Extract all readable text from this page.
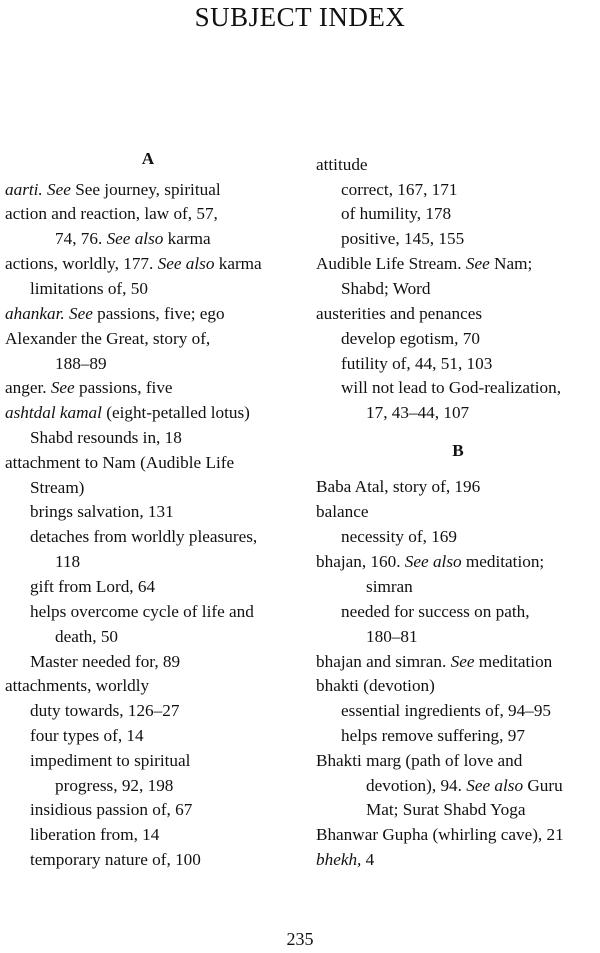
SUBJECT INDEX
A
aarti. See See journey, spiritual
action and reaction, law of, 57,
74, 76. See also karma
actions, worldly, 177. See also karma
limitations of, 50
ahankar. See passions, five; ego
Alexander the Great, story of,
188–89
anger. See passions, five
ashtdal kamal (eight-petalled lotus)
Shabd resounds in, 18
attachment to Nam (Audible Life
Stream)
brings salvation, 131
detaches from worldly pleasures,
118
gift from Lord, 64
helps overcome cycle of life and
death, 50
Master needed for, 89
attachments, worldly
duty towards, 126–27
four types of, 14
impediment to spiritual
progress, 92, 198
insidious passion of, 67
liberation from, 14
temporary nature of, 100
attitude
correct, 167, 171
of humility, 178
positive, 145, 155
Audible Life Stream. See Nam;
Shabd; Word
austerities and penances
develop egotism, 70
futility of, 44, 51, 103
will not lead to God-realization,
17, 43–44, 107
B
Baba Atal, story of, 196
balance
necessity of, 169
bhajan, 160. See also meditation;
simran
needed for success on path,
180–81
bhajan and simran. See meditation
bhakti (devotion)
essential ingredients of, 94–95
helps remove suffering, 97
Bhakti marg (path of love and
devotion), 94. See also Guru
Mat; Surat Shabd Yoga
Bhanwar Gupha (whirling cave), 21
bhekh, 4
235
